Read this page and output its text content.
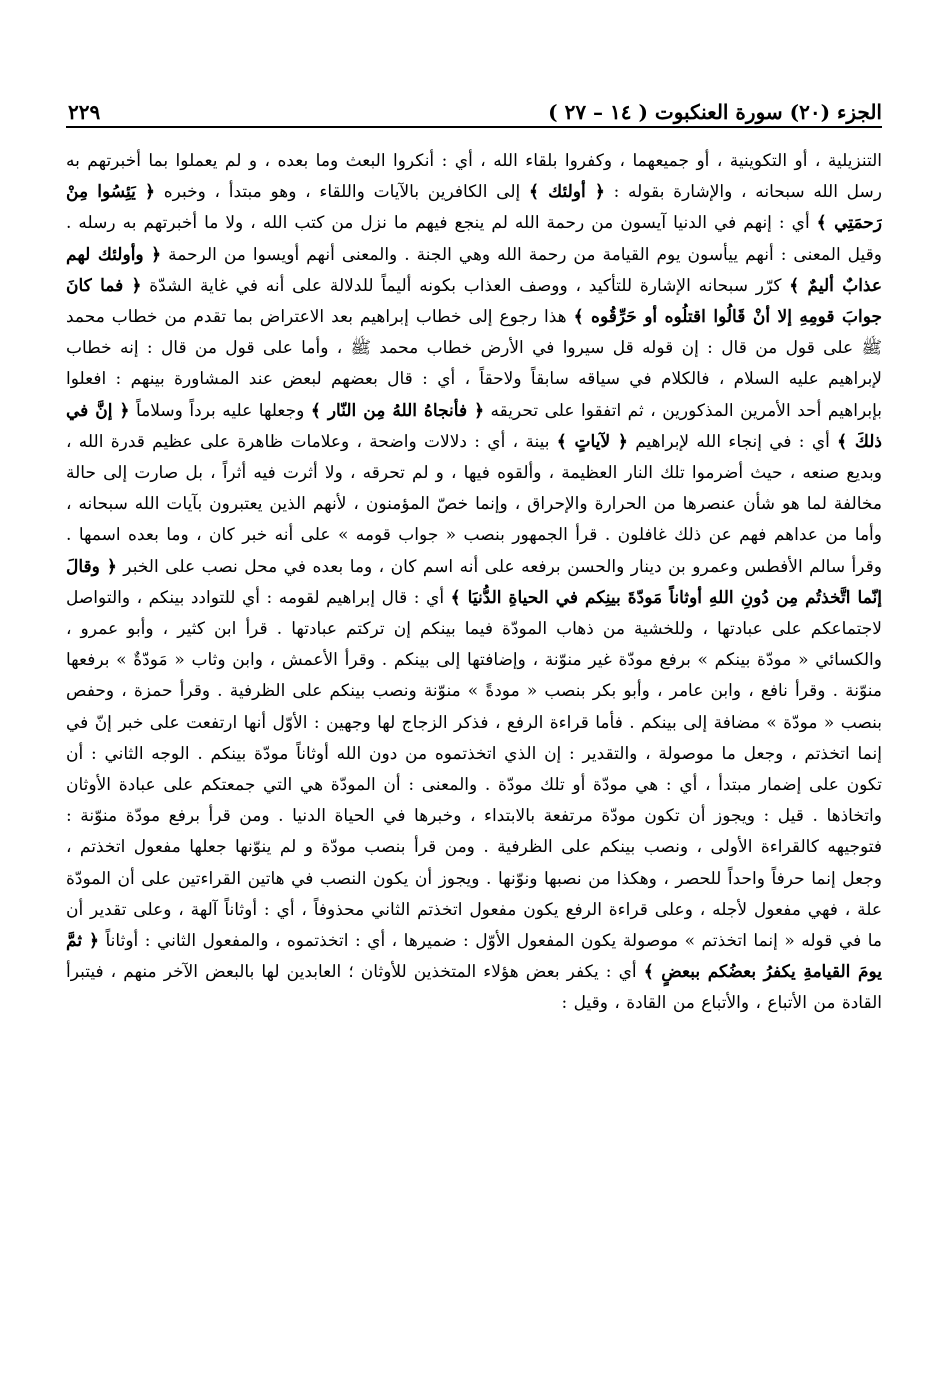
الجزء (٢٠) سورة العنكبوت ( ١٤ – ٢٧ )
٢٢٩

التنزيلية ، أو التكوينية ، أو جميعهما ، وكفروا بلقاء الله ، أي : أنكروا البعث وما بعده ، و لم يعملوا بما أخبرتهم به رسل الله سبحانه ، والإشارة بقوله : ﴿ أولئك ﴾ إلى الكافرين بالآيات واللقاء ، وهو مبتدأ ، وخبره ﴿ يَئِسُوا مِنْ رَحمَتِي ﴾ أي : إنهم في الدنيا آيسون من رحمة الله لم ينجع فيهم ما نزل من كتب الله ، ولا ما أخبرتهم به رسله . وقيل المعنى : أنهم ييأسون يوم القيامة من رحمة الله وهي الجنة . والمعنى أنهم أويسوا من الرحمة ﴿ وأولئك لهم عذابٌ أليمٌ ﴾ كرّر سبحانه الإشارة للتأكيد ، ووصف العذاب بكونه أليماً للدلالة على أنه في غاية الشدّة ﴿ فما كانَ جوابَ قومِهِ إلا أنْ قَالُوا اقتلُوه أو حَرِّقُوه ﴾ هذا رجوع إلى خطاب إبراهيم بعد الاعتراض بما تقدم من خطاب محمد ﷺ على قول من قال : إن قوله قل سيروا في الأرض خطاب محمد ﷺ ، وأما على قول من قال : إنه خطاب لإبراهيم عليه السلام ، فالكلام في سياقه سابقاً ولاحقاً ، أي : قال بعضهم لبعض عند المشاورة بينهم : افعلوا بإبراهيم أحد الأمرين المذكورين ، ثم اتفقوا على تحريقه ﴿ فأنجاهُ اللهُ مِن النّار ﴾ وجعلها عليه برداً وسلاماً ﴿ إنَّ في ذلكَ ﴾ أي : في إنجاء الله لإبراهيم ﴿ لآياتٍ ﴾ بينة ، أي : دلالات واضحة ، وعلامات ظاهرة على عظيم قدرة الله ، وبديع صنعه ، حيث أضرموا تلك النار العظيمة ، وألقوه فيها ، و لم تحرقه ، ولا أثرت فيه أثراً ، بل صارت إلى حالة مخالفة لما هو شأن عنصرها من الحرارة والإحراق ، وإنما خصّ المؤمنون ، لأنهم الذين يعتبرون بآيات الله سبحانه ، وأما من عداهم فهم عن ذلك غافلون . قرأ الجمهور بنصب « جواب قومه » على أنه خبر كان ، وما بعده اسمها . وقرأ سالم الأفطس وعمرو بن دينار والحسن برفعه على أنه اسم كان ، وما بعده في محل نصب على الخبر ﴿ وقالَ إنّما اتَّخذتُم مِن دُونِ اللهِ أوثاناً مَودّةَ بينِكم في الحياةِ الدُّنيَا ﴾ أي : قال إبراهيم لقومه : أي للتوادد بينكم ، والتواصل لاجتماعكم على عبادتها ، وللخشية من ذهاب المودّة فيما بينكم إن تركتم عبادتها . قرأ ابن كثير ، وأبو عمرو ، والكسائي « مودّة بينكم » برفع مودّة غير منوّنة ، وإضافتها إلى بينكم . وقرأ الأعمش ، وابن وثاب « مَودّةٌ » برفعها منوّنة . وقرأ نافع ، وابن عامر ، وأبو بكر بنصب « مودةً » منوّنة ونصب بينكم على الظرفية . وقرأ حمزة ، وحفص بنصب « مودّة » مضافة إلى بينكم . فأما قراءة الرفع ، فذكر الزجاج لها وجهين : الأوّل أنها ارتفعت على خبر إنّ في إنما اتخذتم ، وجعل ما موصولة ، والتقدير : إن الذي اتخذتموه من دون الله أوثاناً مودّة بينكم . الوجه الثاني : أن تكون على إضمار مبتدأ ، أي : هي مودّة أو تلك مودّة . والمعنى : أن المودّة هي التي جمعتكم على عبادة الأوثان واتخاذها . قيل : ويجوز أن تكون مودّة مرتفعة بالابتداء ، وخبرها في الحياة الدنيا . ومن قرأ برفع مودّة منوّنة : فتوجيهه كالقراءة الأولى ، ونصب بينكم على الظرفية . ومن قرأ بنصب مودّة و لم ينوّنها جعلها مفعول اتخذتم ، وجعل إنما حرفاً واحداً للحصر ، وهكذا من نصبها ونوّنها . ويجوز أن يكون النصب في هاتين القراءتين على أن المودّة علة ، فهي مفعول لأجله ، وعلى قراءة الرفع يكون مفعول اتخذتم الثاني محذوفاً ، أي : أوثاناً آلهة ، وعلى تقدير أن ما في قوله « إنما اتخذتم » موصولة يكون المفعول الأوّل : ضميرها ، أي : اتخذتموه ، والمفعول الثاني : أوثاناً ﴿ ثمَّ يومَ القيامةِ يكفرُ بعضُكم ببعضٍ ﴾ أي : يكفر بعض هؤلاء المتخذين للأوثان ؛ العابدين لها بالبعض الآخر منهم ، فيتبرأ القادة من الأتباع ، والأتباع من القادة ، وقيل :
